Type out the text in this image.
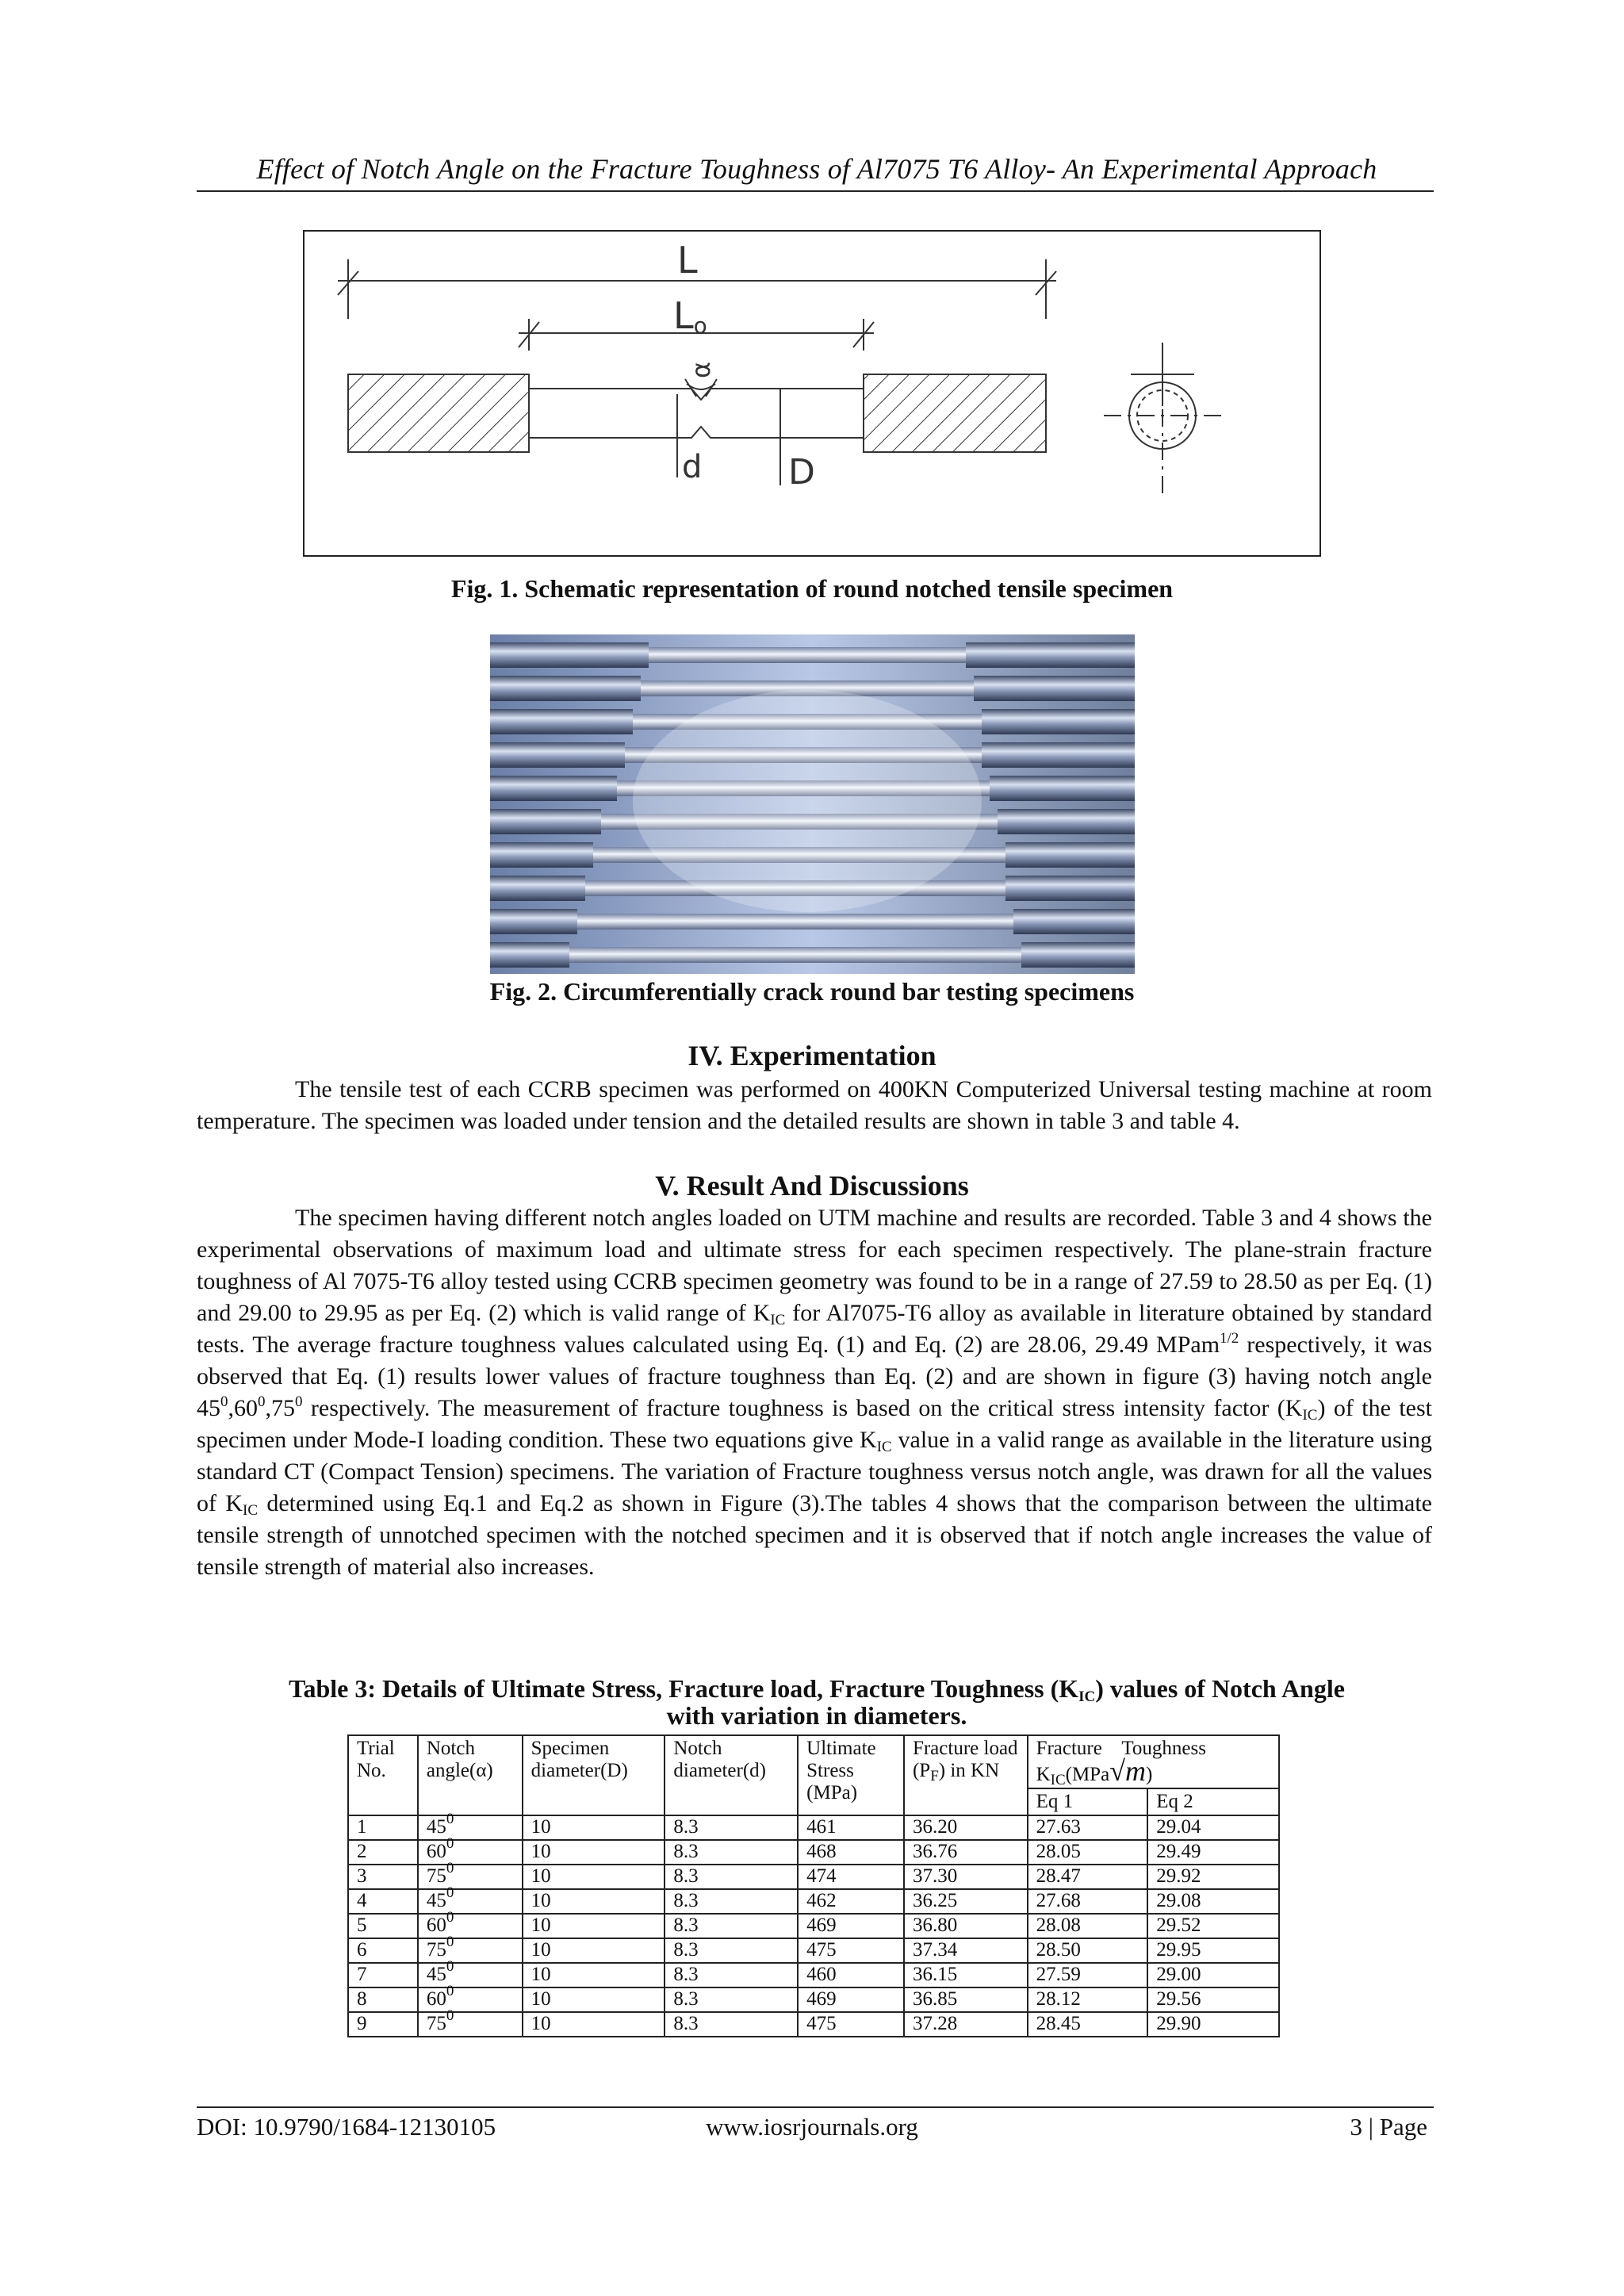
Effect of Notch Angle on the Fracture Toughness of Al7075 T6 Alloy- An Experimental Approach
L
Lo
α
d D
Fig. 1. Schematic representation of round notched tensile specimen
Fig. 2. Circumferentially crack round bar testing specimens
IV. Experimentation

The tensile test of each CCRB specimen was performed on 400KN Computerized Universal testing machine at room temperature. The specimen was loaded under tension and the detailed results are shown in table 3 and table 4.

V. Result And Discussions

The specimen having different notch angles loaded on UTM machine and results are recorded. Table 3 and 4 shows the experimental observations of maximum load and ultimate stress for each specimen respectively. The plane-strain fracture toughness of Al 7075-T6 alloy tested using CCRB specimen geometry was found to be in a range of 27.59 to 28.50 as per Eq. (1) and 29.00 to 29.95 as per Eq. (2) which is valid range of $K_{IC}$ for Al7075-T6 alloy as available in literature obtained by standard tests. The average fracture toughness values calculated using Eq. (1) and Eq. (2) are 28.06, 29.49 MPam$^{1/2}$ respectively, it was observed that Eq. (1) results lower values of fracture toughness than Eq. (2) and are shown in figure (3) having notch angle $45^0,60^0,75^0$ respectively. The measurement of fracture toughness is based on the critical stress intensity factor $(K_{IC})$ of the test specimen under Mode-I loading condition. These two equations give $K_{IC}$ value in a valid range as available in the literature using standard CT (Compact Tension) specimens. The variation of Fracture toughness versus notch angle, was drawn for all the values of $K_{IC}$ determined using Eq.1 and Eq.2 as shown in Figure (3).The tables 4 shows that the comparison between the ultimate tensile strength of unnotched specimen with the notched specimen and it is observed that if notch angle increases the value of tensile strength of material also increases.

Table 3: Details of Ultimate Stress, Fracture load, Fracture Toughness $(K_{IC})$ values of Notch Angle with variation in diameters.
Trial No.	Notch angle(α)	Specimen diameter(D)	Notch diameter(d)	Ultimate Stress (MPa)	Fracture load $(P_F)$ in KN	Fracture    Toughness
$K_{IC}(MPa√m)$	
						Eq 1	Eq 2
1	$45^0$	10	8.3	461	36.20	27.63	29.04
2	$60^0$	10	8.3	468	36.76	28.05	29.49
3	$75^0$	10	8.3	474	37.30	28.47	29.92
4	$45^0$	10	8.3	462	36.25	27.68	29.08
5	$60^0$	10	8.3	469	36.80	28.08	29.52
6	$75^0$	10	8.3	475	37.34	28.50	29.95
7	$45^0$	10	8.3	460	36.15	27.59	29.00
8	$60^0$	10	8.3	469	36.85	28.12	29.56
9	$75^0$	10	8.3	475	37.28	28.45	29.90
DOI: 10.9790/1684-12130105	www.iosrjournals.org	3 | Page
